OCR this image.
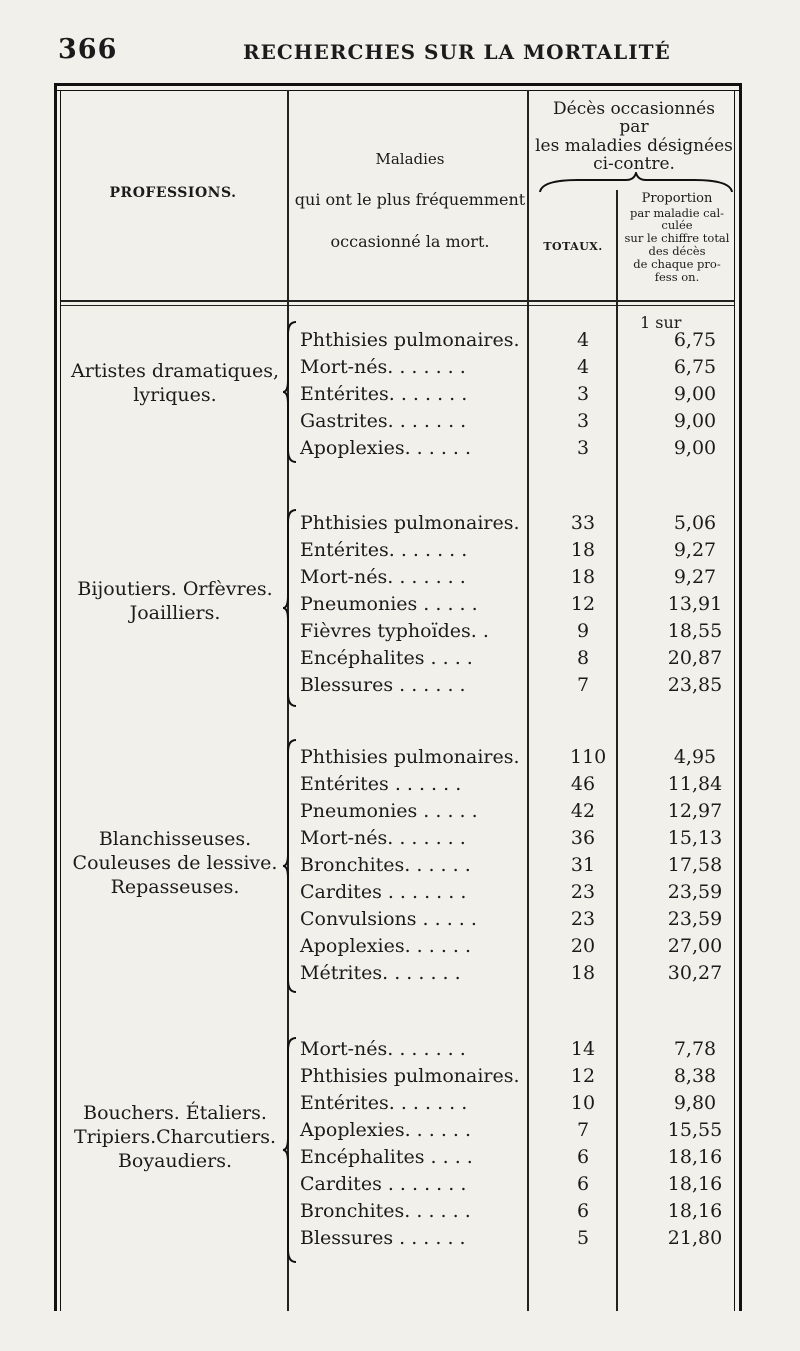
366	RECHERCHES SUR LA MORTALITÉ
PROFESSIONS.
Maladies
qui ont le plus fréquemment
occasionné la mort.
Décès occasionnés
par
les maladies désignées
ci-contre.
TOTAUX.
Proportion
par maladie cal-
culée
sur le chiffre total
des décès
de chaque pro-
fess on.
1 sur
Artistes dramatiques,
lyriques.
Phthisies pulmonaires.	4	6,75
Mort-nés. . . . . . .	4	6,75
Entérites. . . . . . .	3	9,00
Gastrites. . . . . . .	3	9,00
Apoplexies. . . . . .	3	9,00
Bijoutiers. Orfèvres.
Joailliers.
Phthisies pulmonaires.	33	5,06
Entérites. . . . . . .	18	9,27
Mort-nés. . . . . . .	18	9,27
Pneumonies . . . . .	12	13,91
Fièvres typhoïdes. .	9	18,55
Encéphalites . . . .	8	20,87
Blessures . . . . . .	7	23,85
Blanchisseuses.
Couleuses de lessive.
Repasseuses.
Phthisies pulmonaires.	110	4,95
Entérites . . . . . .	46	11,84
Pneumonies . . . . .	42	12,97
Mort-nés. . . . . . .	36	15,13
Bronchites. . . . . .	31	17,58
Cardites . . . . . . .	23	23,59
Convulsions . . . . .	23	23,59
Apoplexies. . . . . .	20	27,00
Métrites. . . . . . .	18	30,27
Bouchers. Étaliers.
Tripiers.Charcutiers.
Boyaudiers.
Mort-nés. . . . . . .	14	7,78
Phthisies pulmonaires.	12	8,38
Entérites. . . . . . .	10	9,80
Apoplexies. . . . . .	7	15,55
Encéphalites . . . .	6	18,16
Cardites . . . . . . .	6	18,16
Bronchites. . . . . .	6	18,16
Blessures . . . . . .	5	21,80
